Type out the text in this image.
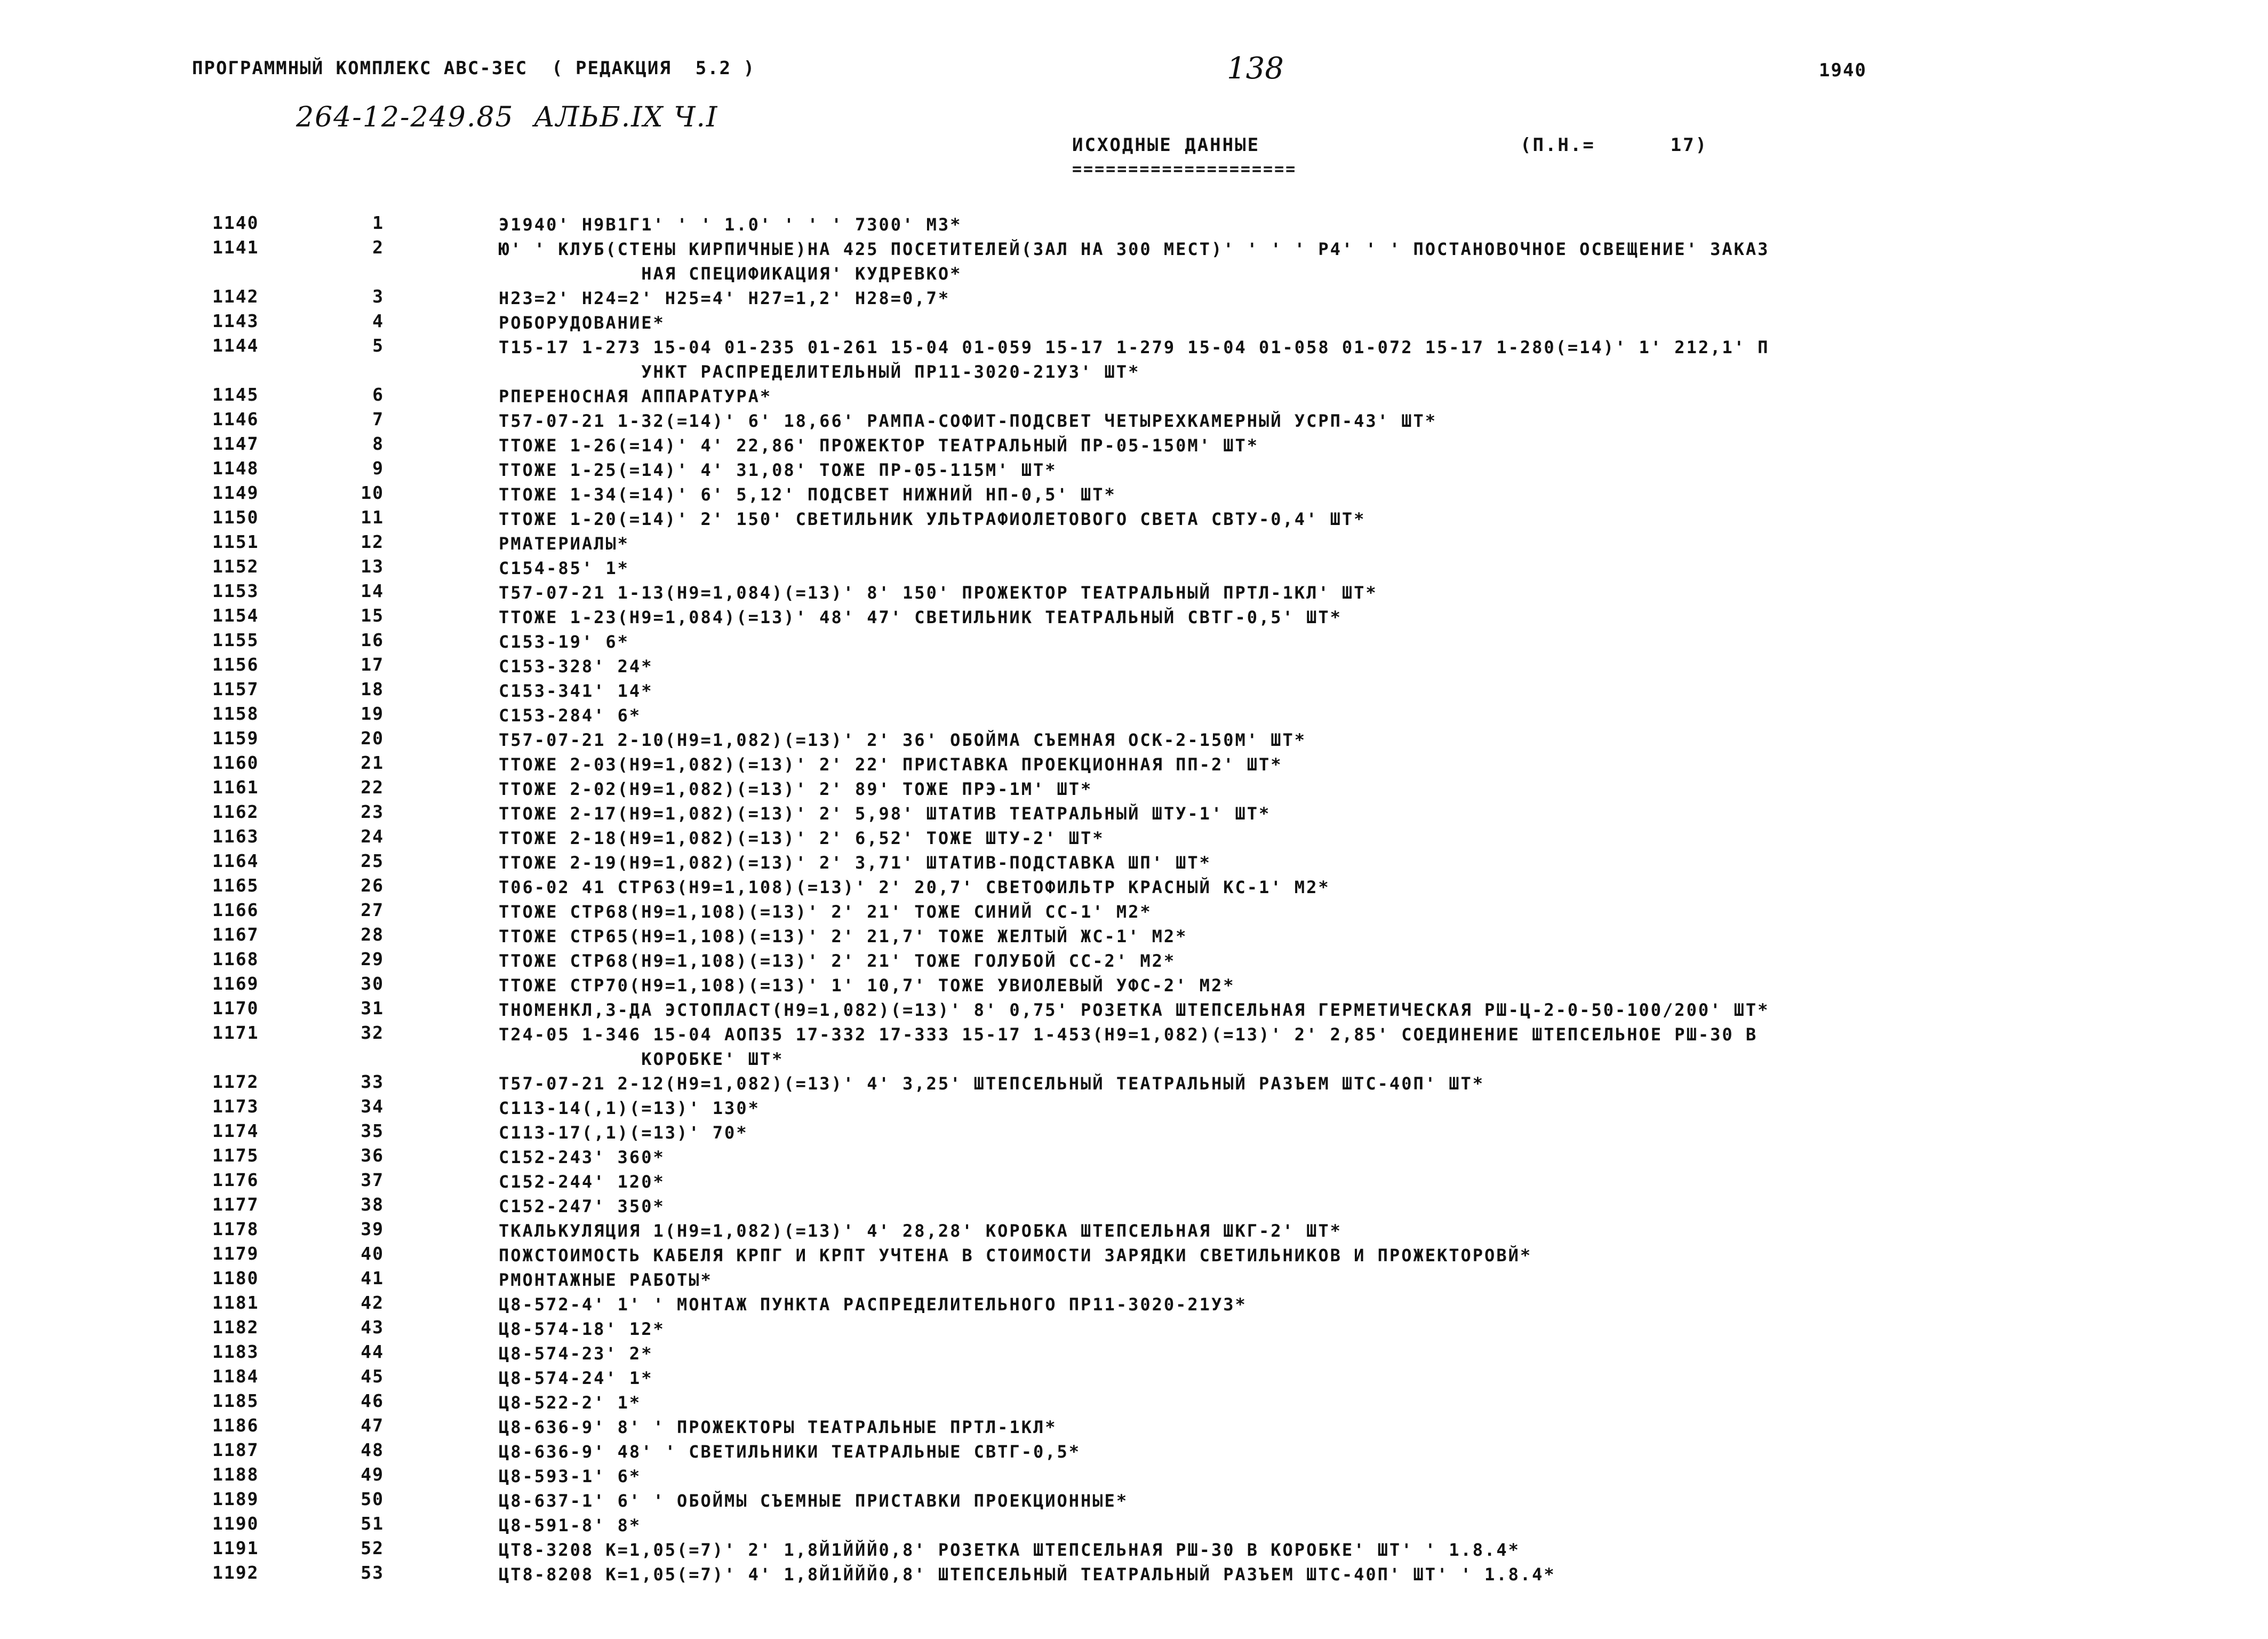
ПРОГРАММНЫЙ КОМПЛЕКС АВС-ЗЕС  ( РЕДАКЦИЯ  5.2 )	138	1940
264-12-249.85  АЛЬБ.IX Ч.I
ИСХОДНЫЕ ДАННЫЕ
====================
(П.Н.=      17)
1140	1	Э1940' Н9В1Г1' ' ' 1.0' ' ' ' 7300' М3*
1141	2	Ю' ' КЛУБ(СТЕНЫ КИРПИЧНЫЕ)НА 425 ПОСЕТИТЕЛЕЙ(ЗАЛ НА 300 МЕСТ)' ' ' ' Р4' ' ' ПОСТАНОВОЧНОЕ ОСВЕЩЕНИЕ' ЗАКАЗ
НАЯ СПЕЦИФИКАЦИЯ' КУДРЕВКО*
1142	3	Н23=2' Н24=2' Н25=4' Н27=1,2' Н28=0,7*
1143	4	РОБОРУДОВАНИЕ*
1144	5	Т15-17 1-273 15-04 01-235 01-261 15-04 01-059 15-17 1-279 15-04 01-058 01-072 15-17 1-280(=14)' 1' 212,1' П
УНКТ РАСПРЕДЕЛИТЕЛЬНЫЙ ПР11-3020-21У3' ШТ*
1145	6	РПЕРЕНОСНАЯ АППАРАТУРА*
1146	7	Т57-07-21 1-32(=14)' 6' 18,66' РАМПА-СОФИТ-ПОДСВЕТ ЧЕТЫРЕХКАМЕРНЫЙ УСРП-43' ШТ*
1147	8	ТТОЖЕ 1-26(=14)' 4' 22,86' ПРОЖЕКТОР ТЕАТРАЛЬНЫЙ ПР-05-150М' ШТ*
1148	9	ТТОЖЕ 1-25(=14)' 4' 31,08' ТОЖЕ ПР-05-115М' ШТ*
1149	10	ТТОЖЕ 1-34(=14)' 6' 5,12' ПОДСВЕТ НИЖНИЙ НП-0,5' ШТ*
1150	11	ТТОЖЕ 1-20(=14)' 2' 150' СВЕТИЛЬНИК УЛЬТРАФИОЛЕТОВОГО СВЕТА СВТУ-0,4' ШТ*
1151	12	РМАТЕРИАЛЫ*
1152	13	С154-85' 1*
1153	14	Т57-07-21 1-13(Н9=1,084)(=13)' 8' 150' ПРОЖЕКТОР ТЕАТРАЛЬНЫЙ ПРТЛ-1КЛ' ШТ*
1154	15	ТТОЖЕ 1-23(Н9=1,084)(=13)' 48' 47' СВЕТИЛЬНИК ТЕАТРАЛЬНЫЙ СВТГ-0,5' ШТ*
1155	16	С153-19' 6*
1156	17	С153-328' 24*
1157	18	С153-341' 14*
1158	19	С153-284' 6*
1159	20	Т57-07-21 2-10(Н9=1,082)(=13)' 2' 36' ОБОЙМА СЪЕМНАЯ ОСК-2-150М' ШТ*
1160	21	ТТОЖЕ 2-03(Н9=1,082)(=13)' 2' 22' ПРИСТАВКА ПРОЕКЦИОННАЯ ПП-2' ШТ*
1161	22	ТТОЖЕ 2-02(Н9=1,082)(=13)' 2' 89' ТОЖЕ ПРЭ-1М' ШТ*
1162	23	ТТОЖЕ 2-17(Н9=1,082)(=13)' 2' 5,98' ШТАТИВ ТЕАТРАЛЬНЫЙ ШТУ-1' ШТ*
1163	24	ТТОЖЕ 2-18(Н9=1,082)(=13)' 2' 6,52' ТОЖЕ ШТУ-2' ШТ*
1164	25	ТТОЖЕ 2-19(Н9=1,082)(=13)' 2' 3,71' ШТАТИВ-ПОДСТАВКА ШП' ШТ*
1165	26	Т06-02 41 СТР63(Н9=1,108)(=13)' 2' 20,7' СВЕТОФИЛЬТР КРАСНЫЙ КС-1' М2*
1166	27	ТТОЖЕ СТР68(Н9=1,108)(=13)' 2' 21' ТОЖЕ СИНИЙ СС-1' М2*
1167	28	ТТОЖЕ СТР65(Н9=1,108)(=13)' 2' 21,7' ТОЖЕ ЖЕЛТЫЙ ЖС-1' М2*
1168	29	ТТОЖЕ СТР68(Н9=1,108)(=13)' 2' 21' ТОЖЕ ГОЛУБОЙ СС-2' М2*
1169	30	ТТОЖЕ СТР70(Н9=1,108)(=13)' 1' 10,7' ТОЖЕ УВИОЛЕВЫЙ УФС-2' М2*
1170	31	ТНОМЕНКЛ,3-ДА ЭСТОПЛАСТ(Н9=1,082)(=13)' 8' 0,75' РОЗЕТКА ШТЕПСЕЛЬНАЯ ГЕРМЕТИЧЕСКАЯ РШ-Ц-2-0-50-100/200' ШТ*
1171	32	Т24-05 1-346 15-04 АОП35 17-332 17-333 15-17 1-453(Н9=1,082)(=13)' 2' 2,85' СОЕДИНЕНИЕ ШТЕПСЕЛЬНОЕ РШ-30 В
КОРОБКЕ' ШТ*
1172	33	Т57-07-21 2-12(Н9=1,082)(=13)' 4' 3,25' ШТЕПСЕЛЬНЫЙ ТЕАТРАЛЬНЫЙ РАЗЪЕМ ШТС-40П' ШТ*
1173	34	С113-14(,1)(=13)' 130*
1174	35	С113-17(,1)(=13)' 70*
1175	36	С152-243' 360*
1176	37	С152-244' 120*
1177	38	С152-247' 350*
1178	39	ТКАЛЬКУЛЯЦИЯ 1(Н9=1,082)(=13)' 4' 28,28' КОРОБКА ШТЕПСЕЛЬНАЯ ШКГ-2' ШТ*
1179	40	ПОЖСТОИМОСТЬ КАБЕЛЯ КРПГ И КРПТ УЧТЕНА В СТОИМОСТИ ЗАРЯДКИ СВЕТИЛЬНИКОВ И ПРОЖЕКТОРОВЙ*
1180	41	РМОНТАЖНЫЕ РАБОТЫ*
1181	42	Ц8-572-4' 1' ' МОНТАЖ ПУНКТА РАСПРЕДЕЛИТЕЛЬНОГО ПР11-3020-21У3*
1182	43	Ц8-574-18' 12*
1183	44	Ц8-574-23' 2*
1184	45	Ц8-574-24' 1*
1185	46	Ц8-522-2' 1*
1186	47	Ц8-636-9' 8' ' ПРОЖЕКТОРЫ ТЕАТРАЛЬНЫЕ ПРТЛ-1КЛ*
1187	48	Ц8-636-9' 48' ' СВЕТИЛЬНИКИ ТЕАТРАЛЬНЫЕ СВТГ-0,5*
1188	49	Ц8-593-1' 6*
1189	50	Ц8-637-1' 6' ' ОБОЙМЫ СЪЕМНЫЕ ПРИСТАВКИ ПРОЕКЦИОННЫЕ*
1190	51	Ц8-591-8' 8*
1191	52	ЦТ8-3208 К=1,05(=7)' 2' 1,8Й1ЙЙЙ0,8' РОЗЕТКА ШТЕПСЕЛЬНАЯ РШ-30 В КОРОБКЕ' ШТ' ' 1.8.4*
1192	53	ЦТ8-8208 К=1,05(=7)' 4' 1,8Й1ЙЙЙ0,8' ШТЕПСЕЛЬНЫЙ ТЕАТРАЛЬНЫЙ РАЗЪЕМ ШТС-40П' ШТ' ' 1.8.4*
